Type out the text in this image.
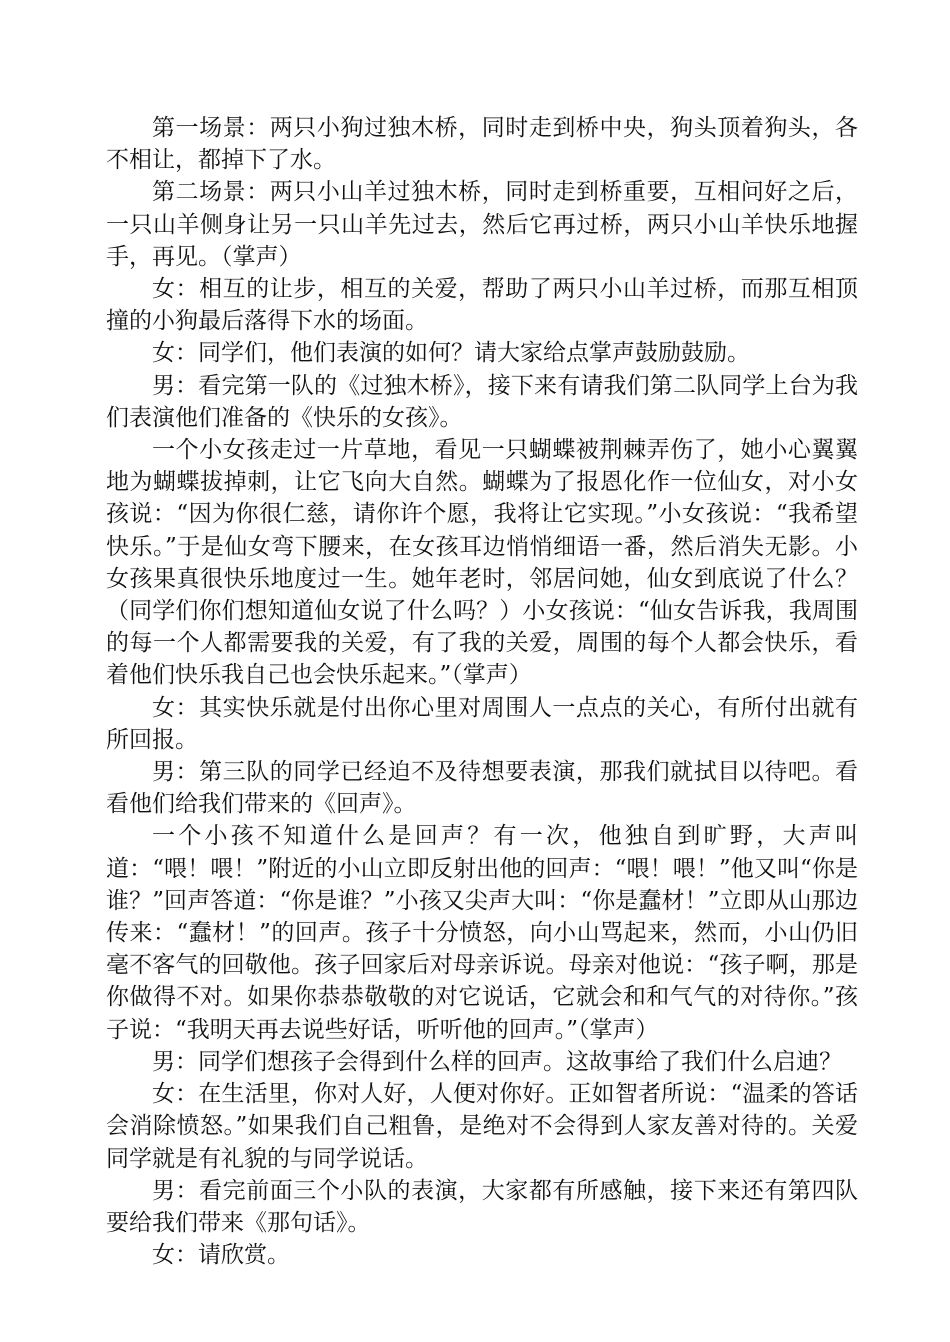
第一场景：两只小狗过独木桥，同时走到桥中央，狗头顶着狗头，各不相让，都掉下了水。

第二场景：两只小山羊过独木桥，同时走到桥重要，互相问好之后，一只山羊侧身让另一只山羊先过去，然后它再过桥，两只小山羊快乐地握手，再见。（掌声）

女：相互的让步，相互的关爱，帮助了两只小山羊过桥，而那互相顶撞的小狗最后落得下水的场面。

女：同学们，他们表演的如何？请大家给点掌声鼓励鼓励。

男：看完第一队的《过独木桥》，接下来有请我们第二队同学上台为我们表演他们准备的《快乐的女孩》。

一个小女孩走过一片草地，看见一只蝴蝶被荆棘弄伤了，她小心翼翼地为蝴蝶拔掉刺，让它飞向大自然。蝴蝶为了报恩化作一位仙女，对小女孩说：“因为你很仁慈，请你许个愿，我将让它实现。”小女孩说：“我希望快乐。”于是仙女弯下腰来，在女孩耳边悄悄细语一番，然后消失无影。小女孩果真很快乐地度过一生。她年老时，邻居问她，仙女到底说了什么？（同学们你们想知道仙女说了什么吗？）小女孩说：“仙女告诉我，我周围的每一个人都需要我的关爱，有了我的关爱，周围的每个人都会快乐，看着他们快乐我自己也会快乐起来。”（掌声）

女：其实快乐就是付出你心里对周围人一点点的关心，有所付出就有所回报。

男：第三队的同学已经迫不及待想要表演，那我们就拭目以待吧。看看他们给我们带来的《回声》。

一个小孩不知道什么是回声？有一次，他独自到旷野，大声叫道：“喂！喂！”附近的小山立即反射出他的回声：“喂！喂！”他又叫“你是谁？”回声答道：“你是谁？”小孩又尖声大叫：“你是蠢材！”立即从山那边传来：“蠢材！”的回声。孩子十分愤怒，向小山骂起来，然而，小山仍旧毫不客气的回敬他。孩子回家后对母亲诉说。母亲对他说：“孩子啊，那是你做得不对。如果你恭恭敬敬的对它说话，它就会和和气气的对待你。”孩子说：“我明天再去说些好话，听听他的回声。”（掌声）

男：同学们想孩子会得到什么样的回声。这故事给了我们什么启迪？

女：在生活里，你对人好，人便对你好。正如智者所说：“温柔的答话会消除愤怒。”如果我们自己粗鲁，是绝对不会得到人家友善对待的。关爱同学就是有礼貌的与同学说话。

男：看完前面三个小队的表演，大家都有所感触，接下来还有第四队要给我们带来《那句话》。

女：请欣赏。
